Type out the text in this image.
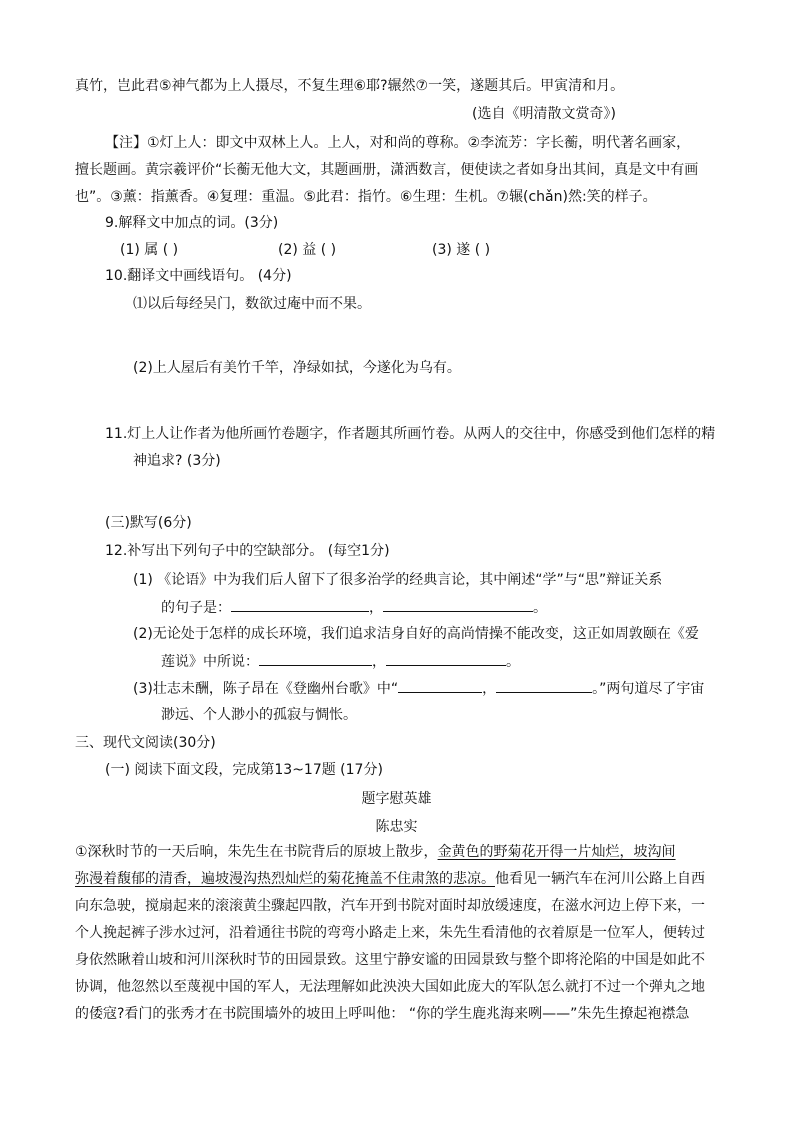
真竹，岂此君⑤神气都为上人摄尽，不复生理⑥耶?辗然⑦一笑，遂题其后。甲寅清和月。
(选自《明清散文赏奇》)
【注】①灯上人：即文中双林上人。上人，对和尚的尊称。②李流芳：字长蘅，明代著名画家，
擅长题画。黄宗羲评价“长蘅无他大文，其题画册，潇洒数言，便使读之者如身出其间，真是文中有画
也”。③薰：指薰香。④复理：重温。⑤此君：指竹。⑥生理：生机。⑦辗(chǎn)然:笑的样子。
9.解释文中加点的词。(3分)
(1) 属 ( )	(2) 益 ( )	(3) 遂 ( )
10.翻译文中画线语句。 (4分)
⑴以后每经吴门，数欲过庵中而不果。
(2)上人屋后有美竹千竿，净绿如拭，今遂化为乌有。
11.灯上人让作者为他所画竹卷题字，作者题其所画竹卷。从两人的交往中，你感受到他们怎样的精
神追求? (3分)
(三)默写(6分)
12.补写出下列句子中的空缺部分。 (每空1分)
(1) 《论语》中为我们后人留下了很多治学的经典言论，其中阐述“学”与“思”辩证关系
的句子是：	，	。
(2)无论处于怎样的成长环境，我们追求洁身自好的高尚情操不能改变，这正如周敦颐在《爱
莲说》中所说：	，	。
(3)壮志未酬，陈子昂在《登幽州台歌》中“	，	。”两句道尽了宇宙
渺远、个人渺小的孤寂与惆怅。
三、现代文阅读(30分)
(一) 阅读下面文段，完成第13~17题 (17分)
题字慰英雄
陈忠实
①深秋时节的一天后晌，朱先生在书院背后的原坡上散步，金黄色的野菊花开得一片灿烂，坡沟间
弥漫着馥郁的清香，遍坡漫沟热烈灿烂的菊花掩盖不住肃煞的悲凉。他看见一辆汽车在河川公路上自西
向东急驶，搅扇起来的滚滚黄尘骤起四散，汽车开到书院对面时却放缓速度，在滋水河边上停下来，一
个人挽起裤子涉水过河，沿着通往书院的弯弯小路走上来，朱先生看清他的衣着原是一位军人，便转过
身依然瞅着山坡和河川深秋时节的田园景致。这里宁静安谧的田园景致与整个即将沦陷的中国是如此不
协调，他忽然以至蔑视中国的军人，无法理解如此泱泱大国如此庞大的军队怎么就打不过一个弹丸之地
的倭寇?看门的张秀才在书院围墙外的坡田上呼叫他： “你的学生鹿兆海来咧——”朱先生撩起袍襟急
